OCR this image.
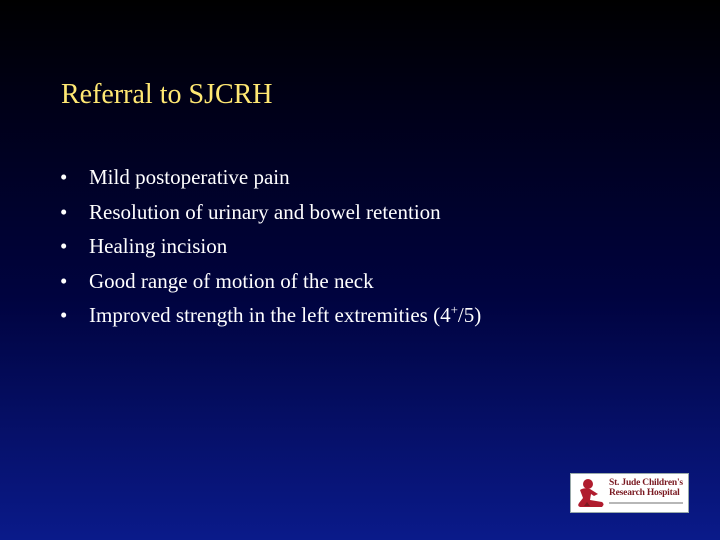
Referral to SJCRH
• Mild postoperative pain
• Resolution of urinary and bowel retention
• Healing incision
• Good range of motion of the neck
• Improved strength in the left extremities (4+/5)
St. Jude Children's
Research Hospital
